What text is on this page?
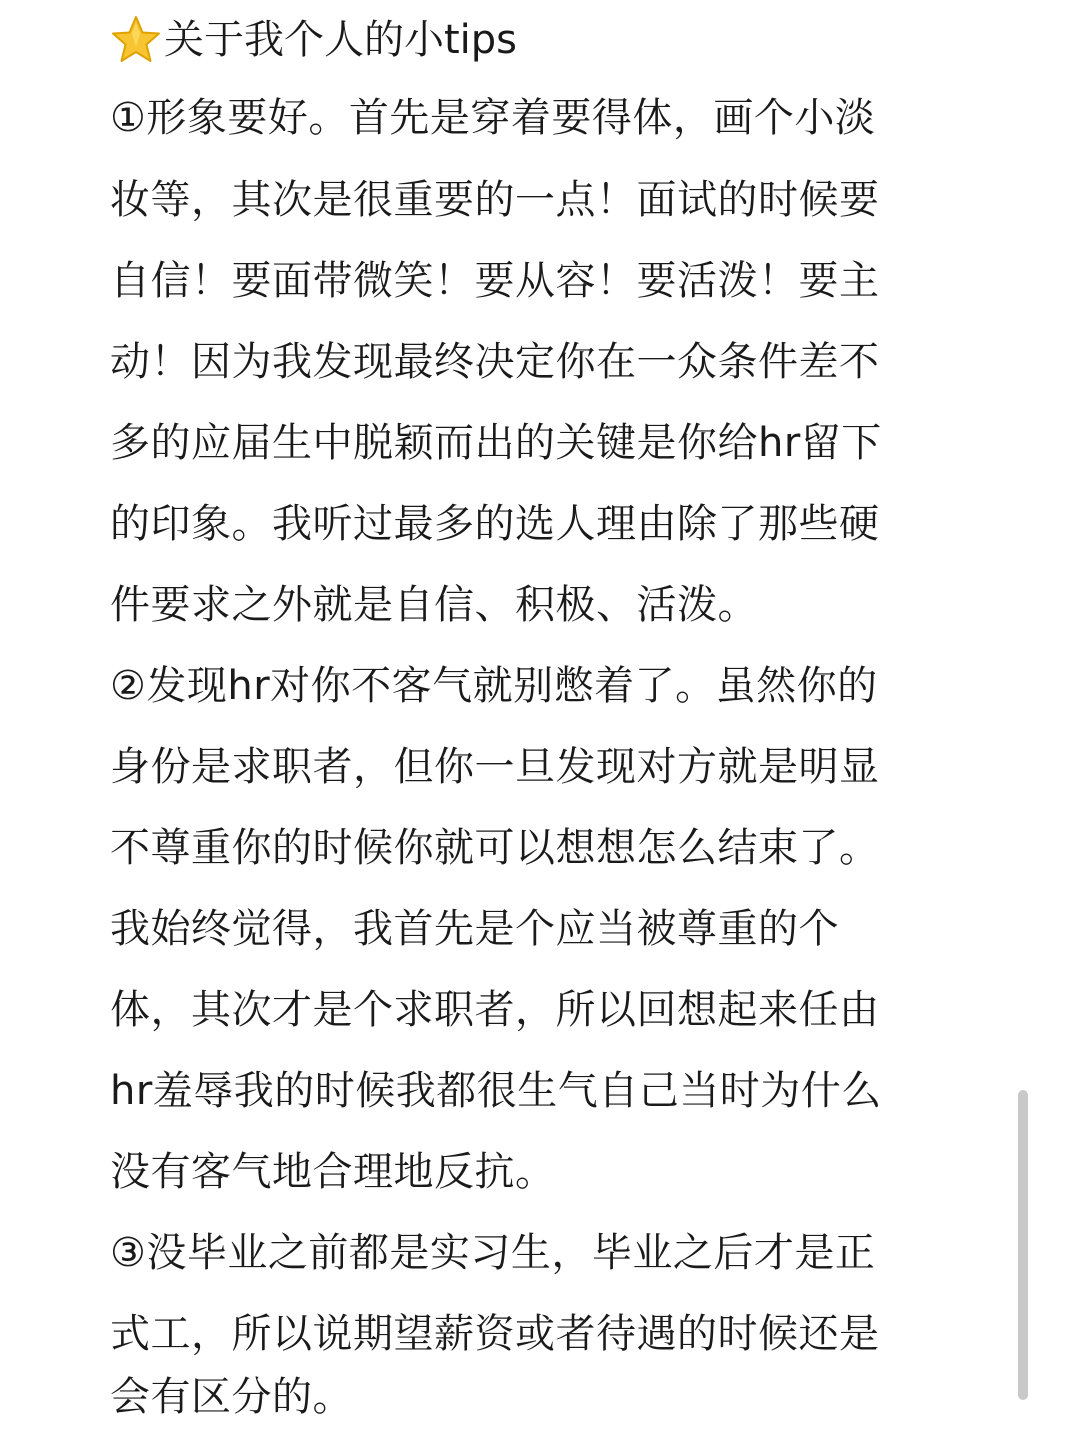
关于我个人的小tips
①形象要好。首先是穿着要得体，画个小淡
妆等，其次是很重要的一点！面试的时候要
自信！要面带微笑！要从容！要活泼！要主
动！因为我发现最终决定你在一众条件差不
多的应届生中脱颖而出的关键是你给hr留下
的印象。我听过最多的选人理由除了那些硬
件要求之外就是自信、积极、活泼。
②发现hr对你不客气就别憋着了。虽然你的
身份是求职者，但你一旦发现对方就是明显
不尊重你的时候你就可以想想怎么结束了。
我始终觉得，我首先是个应当被尊重的个
体，其次才是个求职者，所以回想起来任由
hr羞辱我的时候我都很生气自己当时为什么
没有客气地合理地反抗。
③没毕业之前都是实习生，毕业之后才是正
式工，所以说期望薪资或者待遇的时候还是
会有区分的。
